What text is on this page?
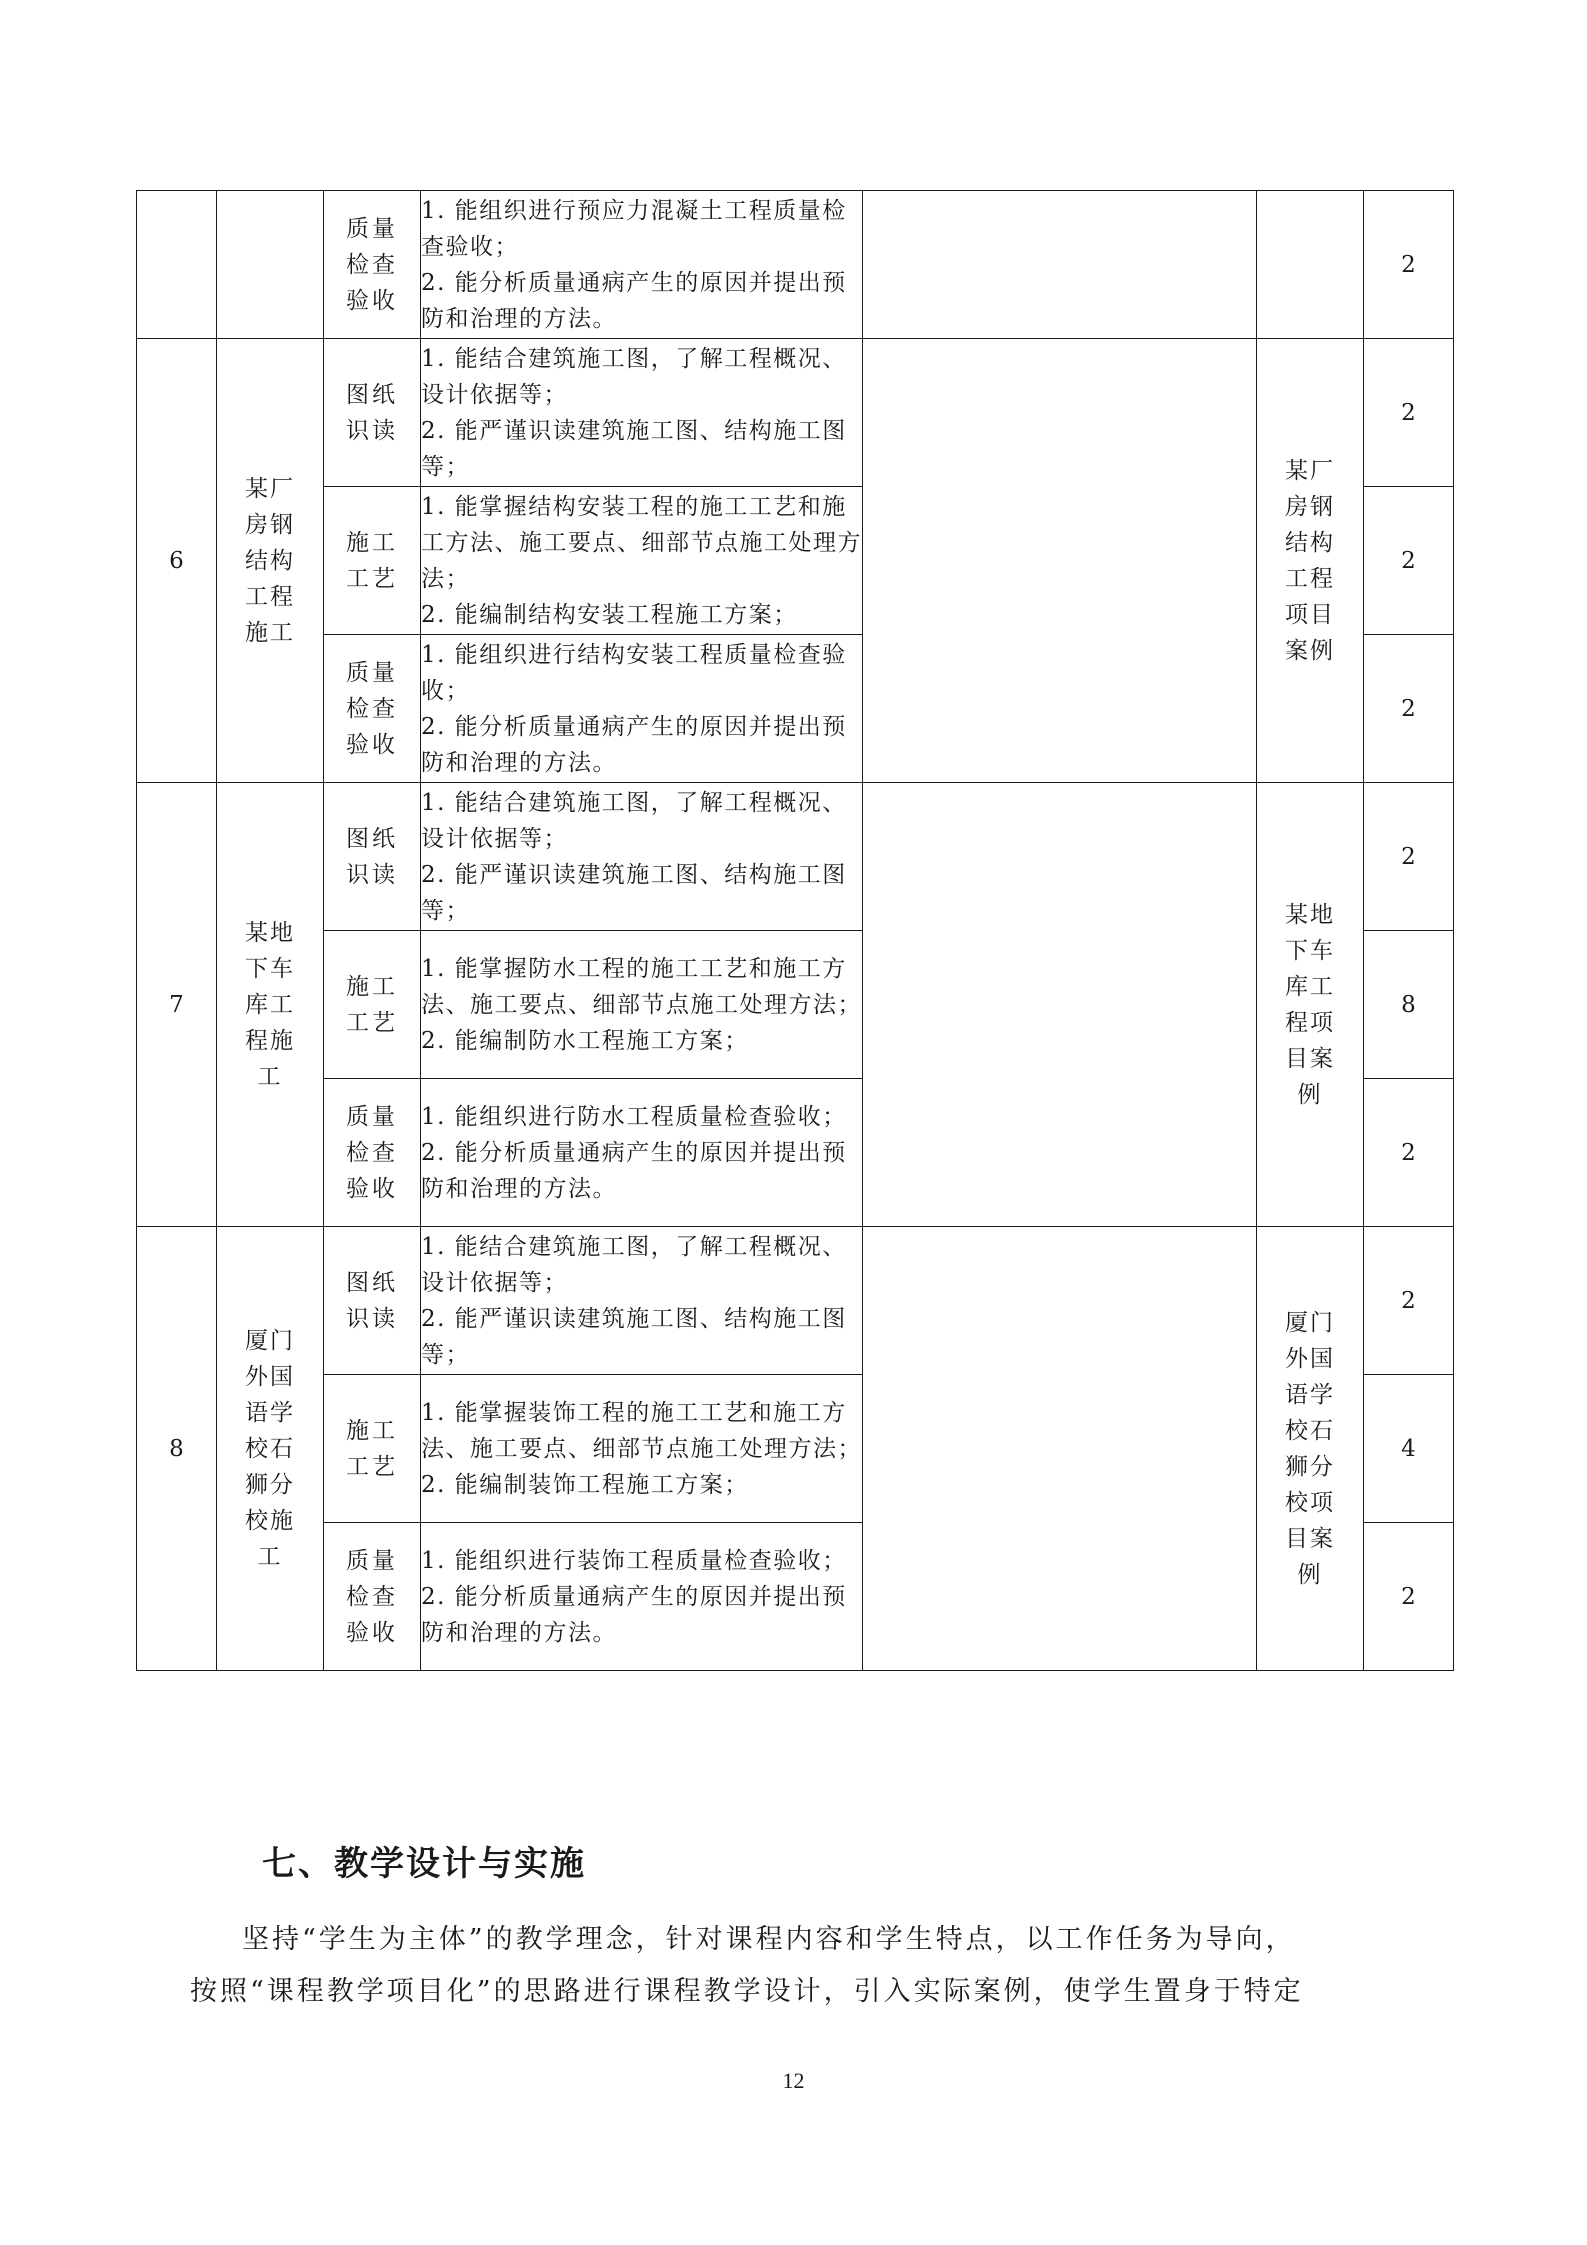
		质量检查验收	1. 能组织进行预应力混凝土工程质量检查验收；
2. 能分析质量通病产生的原因并提出预防和治理的方法。			2
6	某厂房钢结构工程施工	图纸识读	1. 能结合建筑施工图，了解工程概况、设计依据等；
2. 能严谨识读建筑施工图、结构施工图等；		某厂房钢结构工程项目案例	2
		施工工艺	1. 能掌握结构安装工程的施工工艺和施工方法、施工要点、细部节点施工处理方法；
2. 能编制结构安装工程施工方案；			2
		质量检查验收	1. 能组织进行结构安装工程质量检查验收；
2. 能分析质量通病产生的原因并提出预防和治理的方法。			2
7	某地下车库工程施工	图纸识读	1. 能结合建筑施工图，了解工程概况、设计依据等；
2. 能严谨识读建筑施工图、结构施工图等；		某地下车库工程项目案例	2
		施工工艺	1. 能掌握防水工程的施工工艺和施工方法、施工要点、细部节点施工处理方法；
2. 能编制防水工程施工方案；			8
		质量检查验收	1. 能组织进行防水工程质量检查验收；
2. 能分析质量通病产生的原因并提出预防和治理的方法。			2
8	厦门外国语学校石狮分校施工	图纸识读	1. 能结合建筑施工图，了解工程概况、设计依据等；
2. 能严谨识读建筑施工图、结构施工图等；		厦门外国语学校石狮分校项目案例	2
		施工工艺	1. 能掌握装饰工程的施工工艺和施工方法、施工要点、细部节点施工处理方法；
2. 能编制装饰工程施工方案；			4
		质量检查验收	1. 能组织进行装饰工程质量检查验收；
2. 能分析质量通病产生的原因并提出预防和治理的方法。			2
七、教学设计与实施

坚持“学生为主体”的教学理念，针对课程内容和学生特点，以工作任务为导向，

按照“课程教学项目化”的思路进行课程教学设计，引入实际案例，使学生置身于特定

12
